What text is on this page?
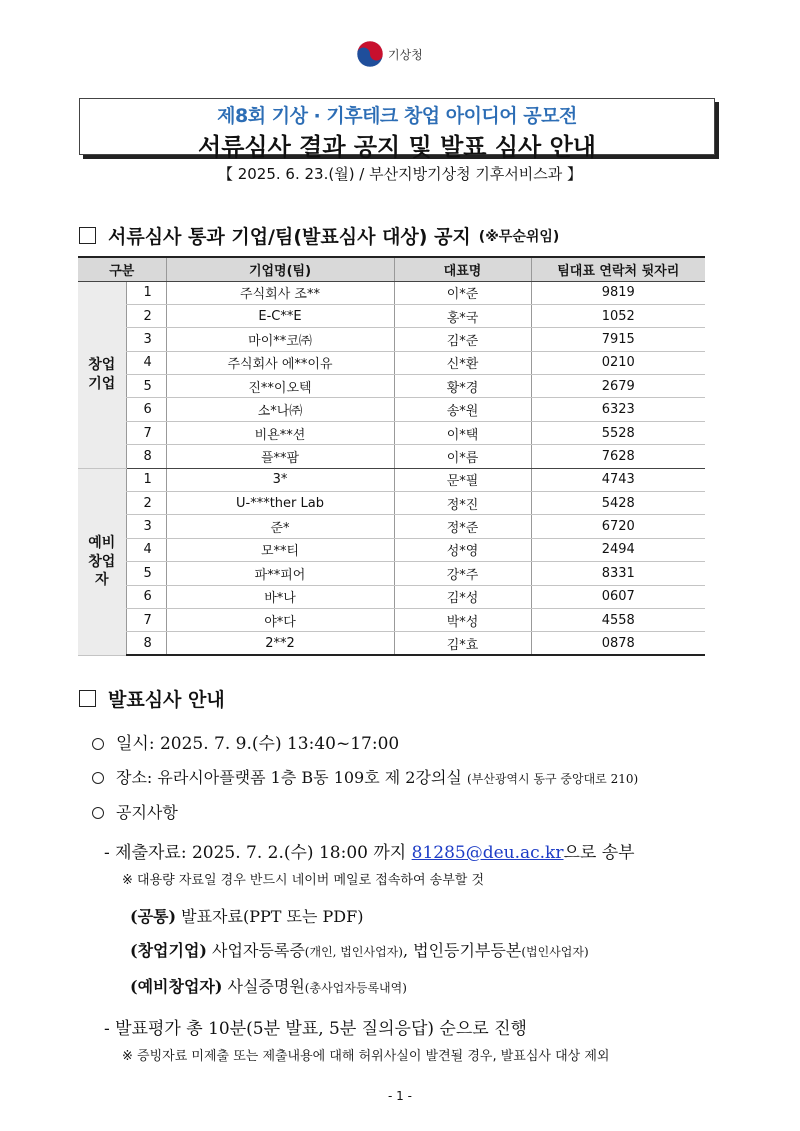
기상청
제8회 기상 · 기후테크 창업 아이디어 공모전
서류심사 결과 공지 및 발표 심사 안내
【 2025. 6. 23.(월) / 부산지방기상청 기후서비스과 】
서류심사 통과 기업/팀(발표심사 대상) 공지 (※무순위임)
구분		기업명(팀)	대표명	팀대표 연락처 뒷자리
창업
기업	1	주식회사 조**	이*준	9819
	2	E-C**E	홍*국	1052
	3	마이**코㈜	김*준	7915
	4	주식회사 에**이유	신*환	0210
	5	진**이오텍	황*경	2679
	6	소*나㈜	송*원	6323
	7	비욘**션	이*택	5528
	8	플**팜	이*름	7628
예비
창업
자	1	3*	문*필	4743
	2	U-***ther Lab	정*진	5428
	3	준*	정*준	6720
	4	모**티	성*영	2494
	5	파**피어	강*주	8331
	6	바*나	김*성	0607
	7	야*다	박*성	4558
	8	2**2	김*효	0878
발표심사 안내
일시: 2025. 7. 9.(수) 13:40~17:00
장소: 유라시아플랫폼 1층 B동 109호 제 2강의실 (부산광역시 동구 중앙대로 210)
공지사항
- 제출자료: 2025. 7. 2.(수) 18:00 까지 81285@deu.ac.kr으로 송부
※ 대용량 자료일 경우 반드시 네이버 메일로 접속하여 송부할 것
(공통) 발표자료(PPT 또는 PDF)
(창업기업) 사업자등록증(개인, 법인사업자), 법인등기부등본(법인사업자)
(예비창업자) 사실증명원(총사업자등록내역)
- 발표평가 총 10분(5분 발표, 5분 질의응답) 순으로 진행
※ 증빙자료 미제출 또는 제출내용에 대해 허위사실이 발견될 경우, 발표심사 대상 제외
- 1 -
